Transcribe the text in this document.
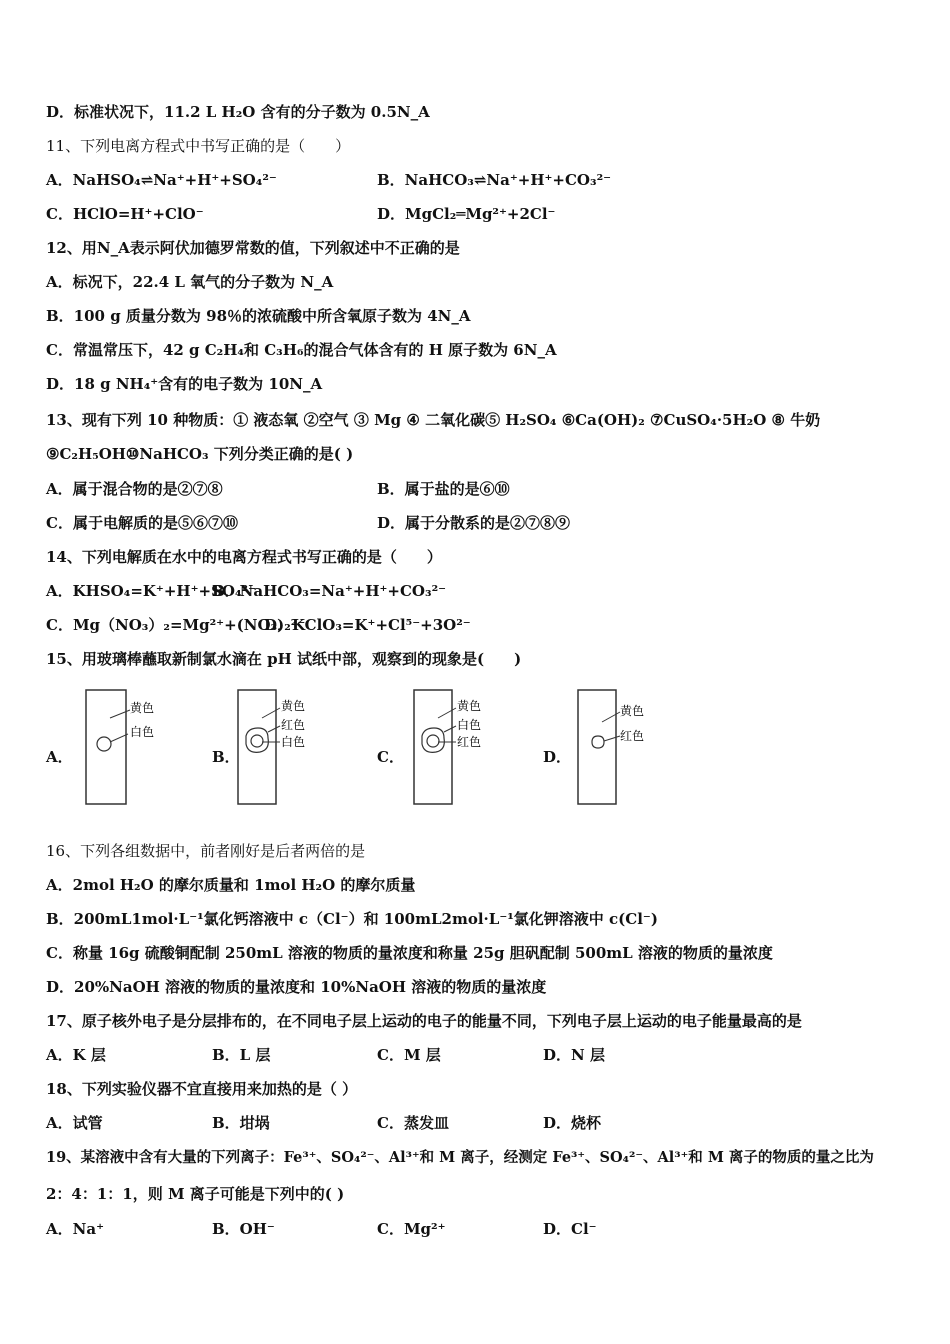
D．标准状况下，11.2 L H₂O 含有的分子数为 0.5N_A
11、下列电离方程式中书写正确的是（　　）
A．NaHSO₄⇌Na⁺+H⁺+SO₄²⁻	B．NaHCO₃⇌Na⁺+H⁺+CO₃²⁻
C．HClO=H⁺+ClO⁻	D．MgCl₂═Mg²⁺+2Cl⁻
12、用N_A表示阿伏加德罗常数的值，下列叙述中不正确的是
A．标况下，22.4 L 氧气的分子数为 N_A
B．100 g 质量分数为 98％的浓硫酸中所含氧原子数为 4N_A
C．常温常压下，42 g C₂H₄和 C₃H₆的混合气体含有的 H 原子数为 6N_A
D．18 g NH₄⁺含有的电子数为 10N_A
13、现有下列 10 种物质：① 液态氧 ②空气 ③ Mg ④ 二氧化碳⑤ H₂SO₄ ⑥Ca(OH)₂ ⑦CuSO₄·5H₂O ⑧ 牛奶
⑨C₂H₅OH⑩NaHCO₃ 下列分类正确的是( )
A．属于混合物的是②⑦⑧	B．属于盐的是⑥⑩
C．属于电解质的是⑤⑥⑦⑩	D．属于分散系的是②⑦⑧⑨
14、下列电解质在水中的电离方程式书写正确的是（　　）
A．KHSO₄=K⁺+H⁺+SO₄²⁻
B．NaHCO₃=Na⁺+H⁺+CO₃²⁻
C．Mg（NO₃）₂=Mg²⁺+(NO₃)₂²⁻
D．KClO₃=K⁺+Cl⁵⁻+3O²⁻
15、用玻璃棒蘸取新制氯水滴在 pH 试纸中部，观察到的现象是(　　)
A．
黄色
白色
B．
黄色
红色
白色
C．
黄色
白色
红色
D．
黄色
红色
16、下列各组数据中，前者刚好是后者两倍的是
A．2mol H₂O 的摩尔质量和 1mol H₂O 的摩尔质量
B．200mL1mol·L⁻¹氯化钙溶液中 c（Cl⁻）和 100mL2mol·L⁻¹氯化钾溶液中 c(Cl⁻)
C．称量 16g 硫酸铜配制 250mL 溶液的物质的量浓度和称量 25g 胆矾配制 500mL 溶液的物质的量浓度
D．20%NaOH 溶液的物质的量浓度和 10%NaOH 溶液的物质的量浓度
17、原子核外电子是分层排布的，在不同电子层上运动的电子的能量不同，下列电子层上运动的电子能量最高的是
A．K 层	B．L 层	C．M 层	D．N 层
18、下列实验仪器不宜直接用来加热的是（ ）
A．试管	B．坩埚	C．蒸发皿	D．烧杯
19、某溶液中含有大量的下列离子：Fe³⁺、SO₄²⁻、Al³⁺和 M 离子，经测定 Fe³⁺、SO₄²⁻、Al³⁺和 M 离子的物质的量之比为
2：4：1：1，则 M 离子可能是下列中的( )
A．Na⁺	B．OH⁻	C．Mg²⁺	D．Cl⁻
